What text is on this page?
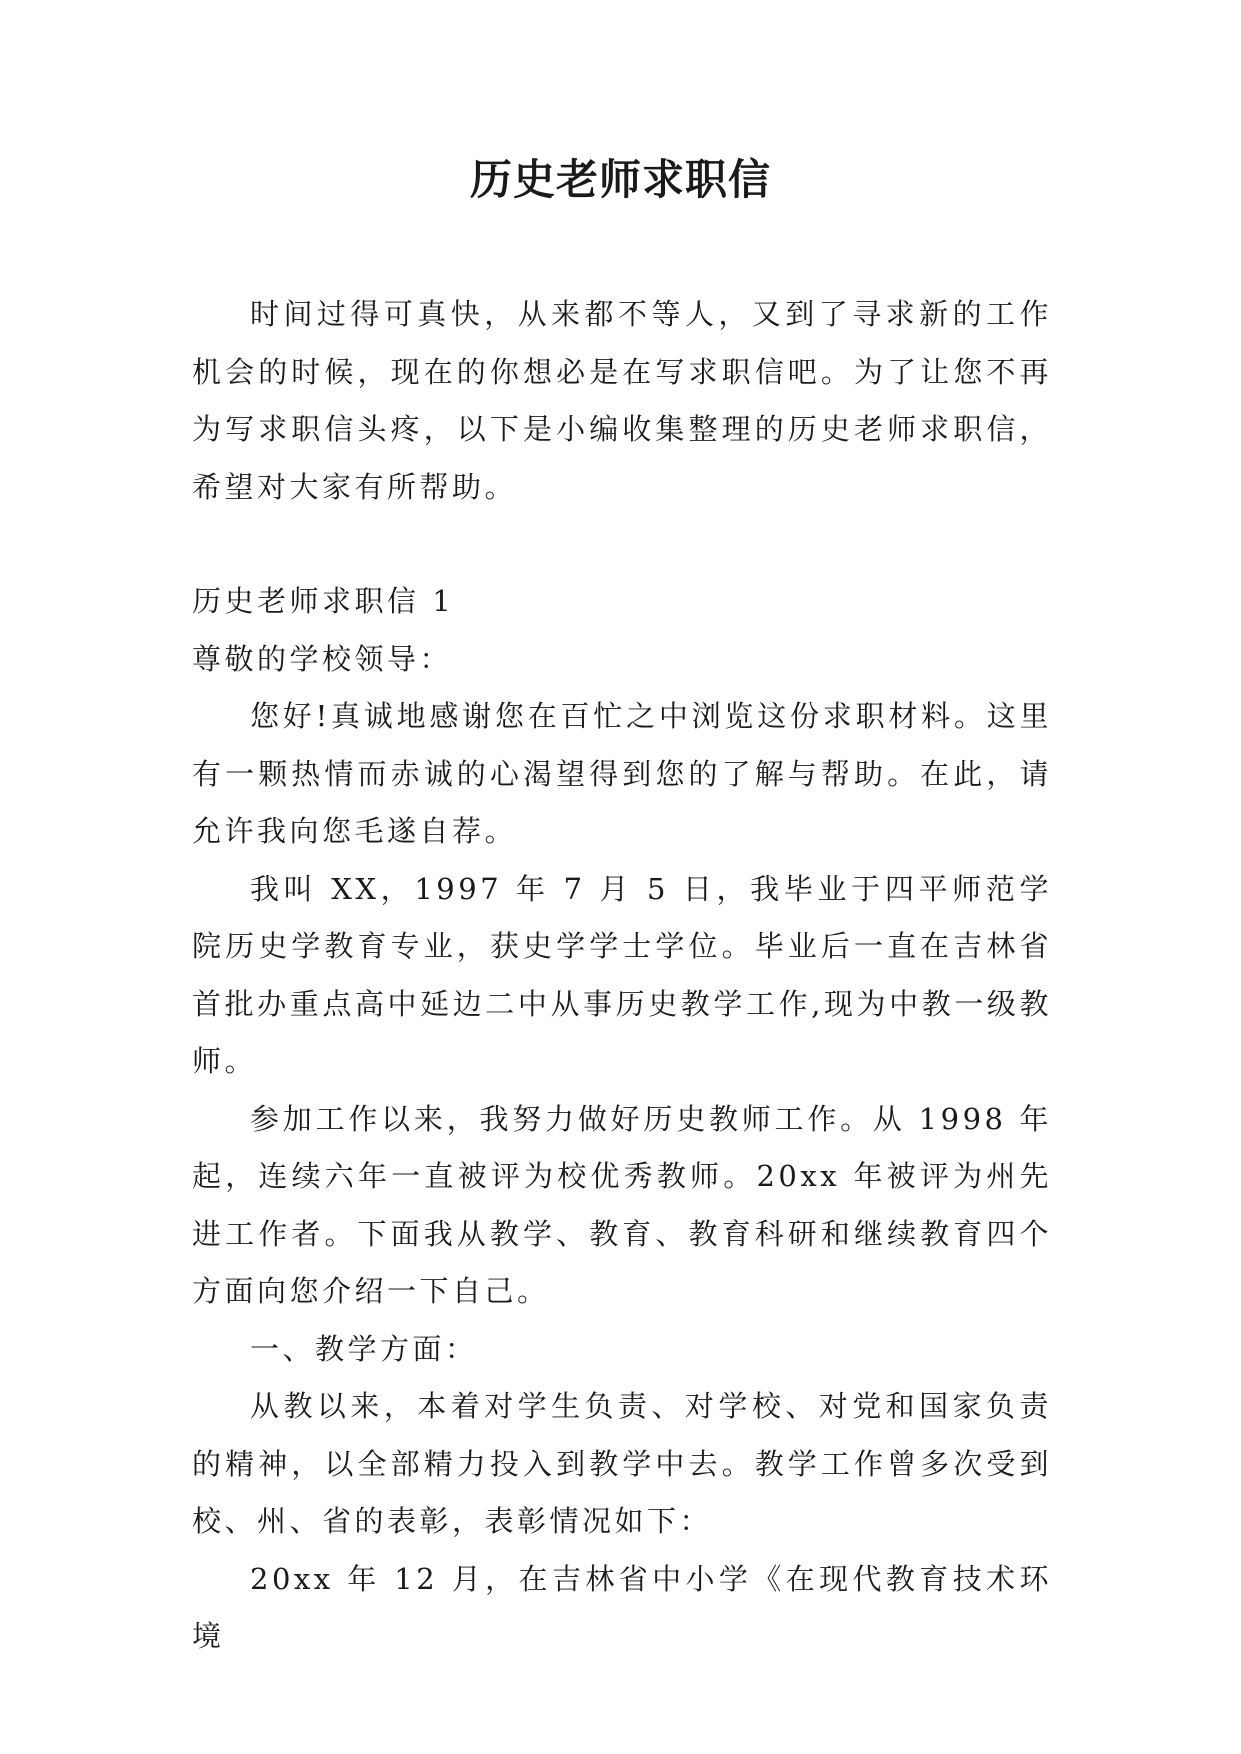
历史老师求职信

时间过得可真快，从来都不等人，又到了寻求新的工作机会的时候，现在的你想必是在写求职信吧。为了让您不再为写求职信头疼，以下是小编收集整理的历史老师求职信，希望对大家有所帮助。

历史老师求职信 1

尊敬的学校领导：

您好!真诚地感谢您在百忙之中浏览这份求职材料。这里有一颗热情而赤诚的心渴望得到您的了解与帮助。在此，请允许我向您毛遂自荐。

我叫 XX，1997 年 7 月 5 日，我毕业于四平师范学院历史学教育专业，获史学学士学位。毕业后一直在吉林省首批办重点高中延边二中从事历史教学工作,现为中教一级教师。

参加工作以来，我努力做好历史教师工作。从 1998 年起，连续六年一直被评为校优秀教师。20xx 年被评为州先进工作者。下面我从教学、教育、教育科研和继续教育四个方面向您介绍一下自己。

一、教学方面：

从教以来，本着对学生负责、对学校、对党和国家负责的精神，以全部精力投入到教学中去。教学工作曾多次受到校、州、省的表彰，表彰情况如下：

20xx 年 12 月，在吉林省中小学《在现代教育技术环境
